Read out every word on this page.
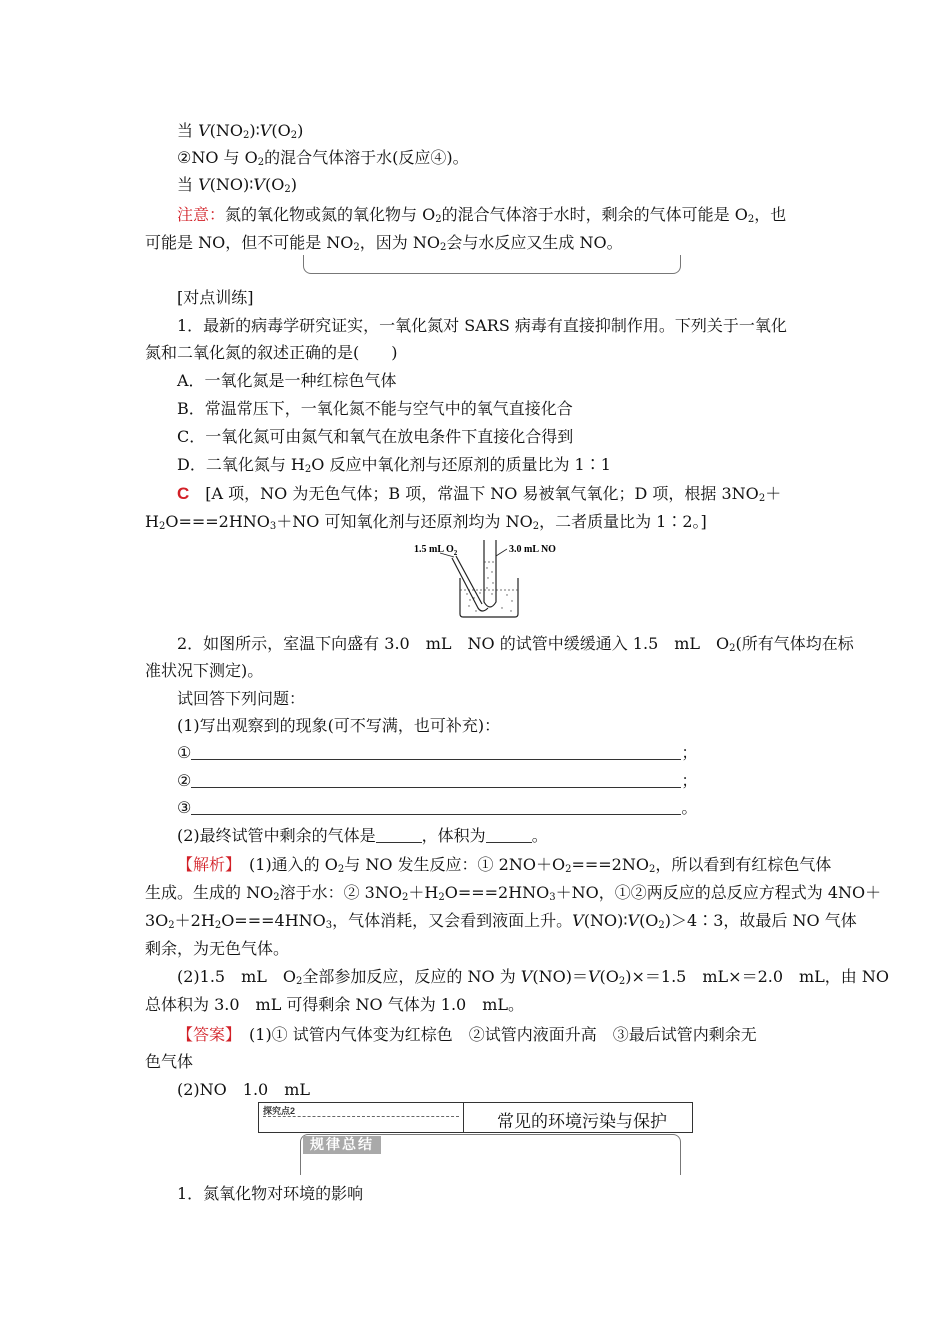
当 $V(NO_2)∶V(O_2)$
②NO 与 $O_2$的混合气体溶于水(反应④)。
当 $V(NO)∶V(O_2)$
注意：氮的氧化物或氮的氧化物与 $O_2$的混合气体溶于水时，剩余的气体可能是 $O_2$，也
可能是 NO，但不可能是 $NO_2$，因为 $NO_2$会与水反应又生成 NO。
[对点训练]
1．最新的病毒学研究证实，一氧化氮对 SARS 病毒有直接抑制作用。下列关于一氧化
氮和二氧化氮的叙述正确的是(　　)
A．一氧化氮是一种红棕色气体
B．常温常压下，一氧化氮不能与空气中的氧气直接化合
C．一氧化氮可由氮气和氧气在放电条件下直接化合得到
D．二氧化氮与 $H_2O$ 反应中氧化剂与还原剂的质量比为 1∶1
C　[A 项，NO 为无色气体；B 项，常温下 NO 易被氧气氧化；D 项，根据 $3NO_2+$
$H_2O===2HNO_3+NO$ 可知氧化剂与还原剂均为 $NO_2$，二者质量比为 1∶2。]
1.5 mL $O_2$	3.0 mL NO
2．如图所示，室温下向盛有 3.0　mL　NO 的试管中缓缓通入 1.5　mL　$O_2$(所有气体均在标
准状况下测定)。
试回答下列问题：
(1)写出观察到的现象(可不写满，也可补充)：
①	；
②	；
③	。
(2)最终试管中剩余的气体是	，体积为	。
【解析】　(1)通入的 $O_2$与 NO 发生反应：① $2NO+O_2===2NO_2$，所以看到有红棕色气体
生成。生成的 $NO_2$溶于水：② $3NO_2+H_2O===2HNO_3+NO$，①②两反应的总反应方程式为 4NO＋
$3O_2+2H_2O===4HNO_3$，气体消耗，又会看到液面上升。$V(NO)∶V(O_2)>4∶3$，故最后 NO 气体
剩余，为无色气体。
(2)1.5　mL　$O_2$全部参加反应，反应的 NO 为 $V(NO)=V(O_2)\times=1.5$　mL×＝2.0　mL，由 NO
总体积为 3.0　mL 可得剩余 NO 气体为 1.0　mL。
【答案】　(1)① 试管内气体变为红棕色　②试管内液面升高　③最后试管内剩余无
色气体
(2)NO　1.0　mL
探究点2
常见的环境污染与保护
规律总结
1．氮氧化物对环境的影响
